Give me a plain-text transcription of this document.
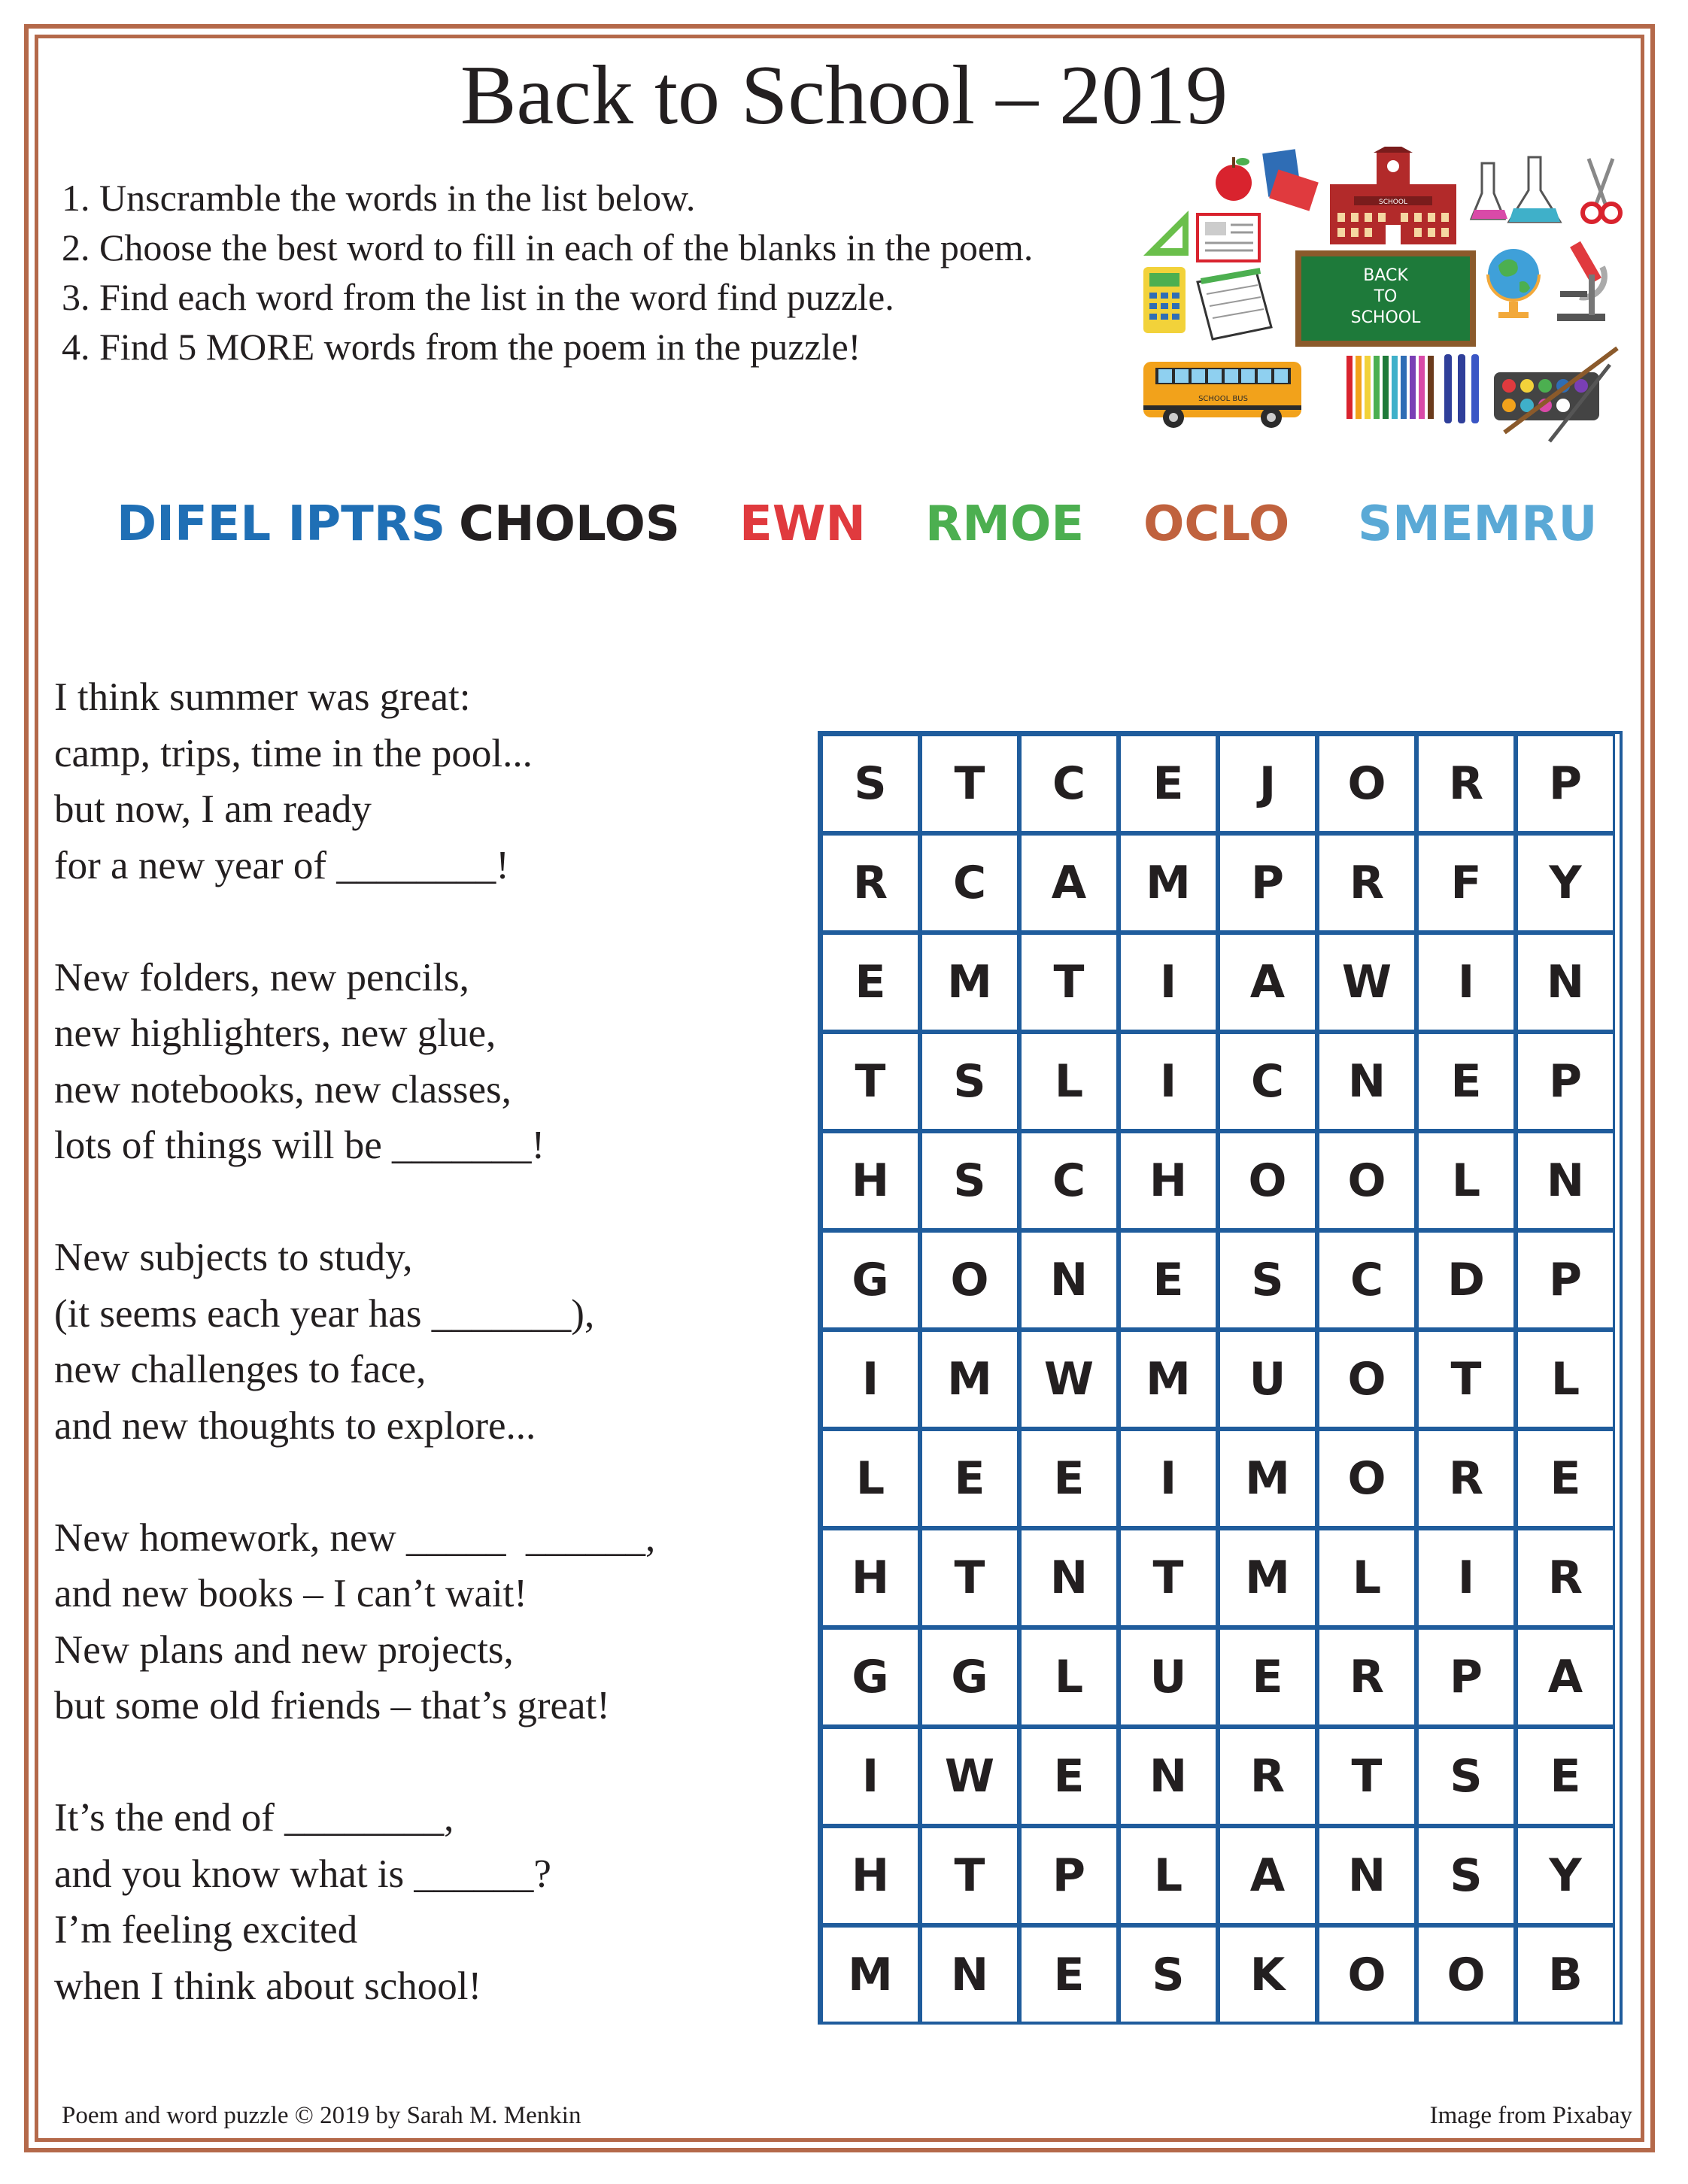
Back to School – 2019
1. Unscramble the words in the list below.
2. Choose the best word to fill in each of the blanks in the poem.
3. Find each word from the list in the word find puzzle.
4. Find 5 MORE words from the poem in the puzzle!
SCHOOL
BACK
TO
SCHOOL
SCHOOL BUS
DIFEL IPTRS CHOLOS EWN RMOE OCLO SMEMRU
I think summer was great:
camp, trips, time in the pool...
but now, I am ready
for a new year of ________!
New folders, new pencils,
new highlighters, new glue,
new notebooks, new classes,
lots of things will be _______!
New subjects to study,
(it seems each year has _______),
new challenges to face,
and new thoughts to explore...
New homework, new _____  ______,
and new books – I can’t wait!
New plans and new projects,
but some old friends – that’s great!
It’s the end of ________,
and you know what is ______?
I’m feeling excited
when I think about school!
S	T	C	E	J	O	R	P
R	C	A	M	P	R	F	Y
E	M	T	I	A	W	I	N
T	S	L	I	C	N	E	P
H	S	C	H	O	O	L	N
G	O	N	E	S	C	D	P
I	M	W	M	U	O	T	L
L	E	E	I	M	O	R	E
H	T	N	T	M	L	I	R
G	G	L	U	E	R	P	A
I	W	E	N	R	T	S	E
H	T	P	L	A	N	S	Y
M	N	E	S	K	O	O	B
Poem and word puzzle © 2019 by Sarah M. Menkin	Image from Pixabay
